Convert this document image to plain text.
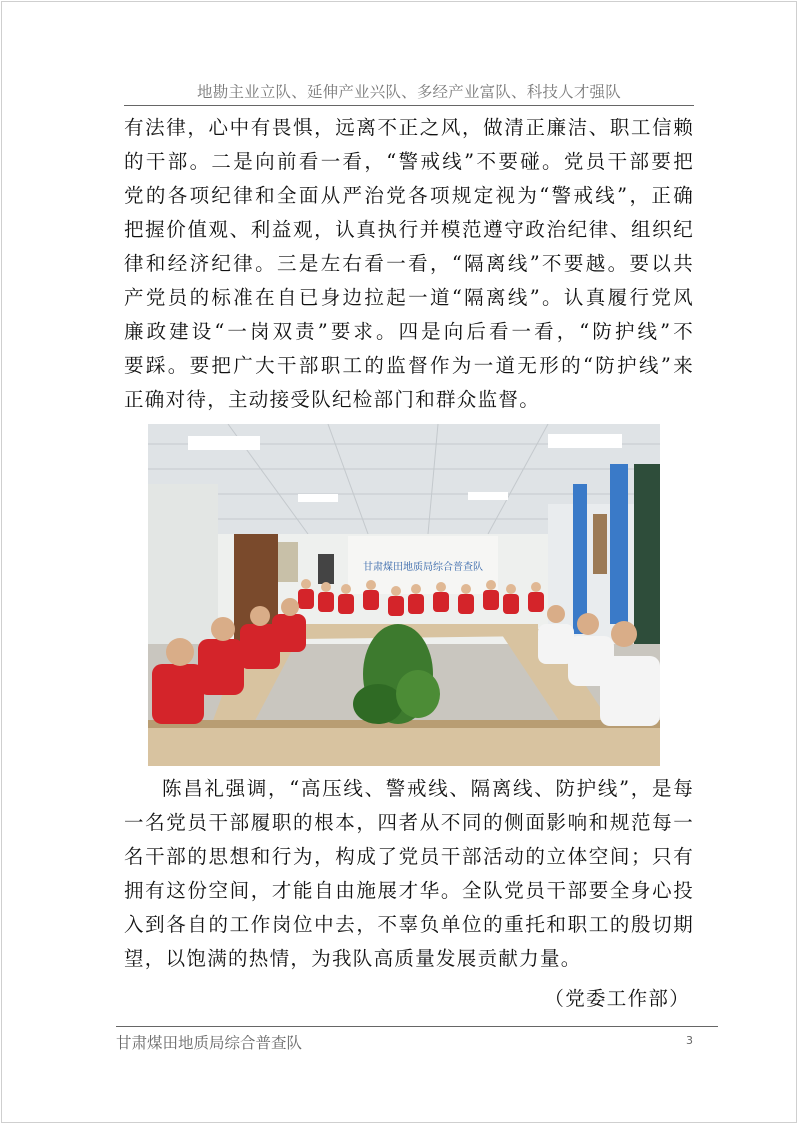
地勘主业立队、延伸产业兴队、多经产业富队、科技人才强队
有法律，心中有畏惧，远离不正之风，做清正廉洁、职工信赖
的干部。二是向前看一看，“警戒线”不要碰。党员干部要把
党的各项纪律和全面从严治党各项规定视为“警戒线”，正确
把握价值观、利益观，认真执行并模范遵守政治纪律、组织纪
律和经济纪律。三是左右看一看，“隔离线”不要越。要以共
产党员的标准在自已身边拉起一道“隔离线”。认真履行党风
廉政建设“一岗双责”要求。四是向后看一看，“防护线”不
要踩。要把广大干部职工的监督作为一道无形的“防护线”来
正确对待，主动接受队纪检部门和群众监督。
甘肃煤田地质局综合普查队
陈昌礼强调，“高压线、警戒线、隔离线、防护线”，是每
一名党员干部履职的根本，四者从不同的侧面影响和规范每一
名干部的思想和行为，构成了党员干部活动的立体空间；只有
拥有这份空间，才能自由施展才华。全队党员干部要全身心投
入到各自的工作岗位中去，不辜负单位的重托和职工的殷切期
望，以饱满的热情，为我队高质量发展贡献力量。
（党委工作部）
甘肃煤田地质局综合普查队	3
